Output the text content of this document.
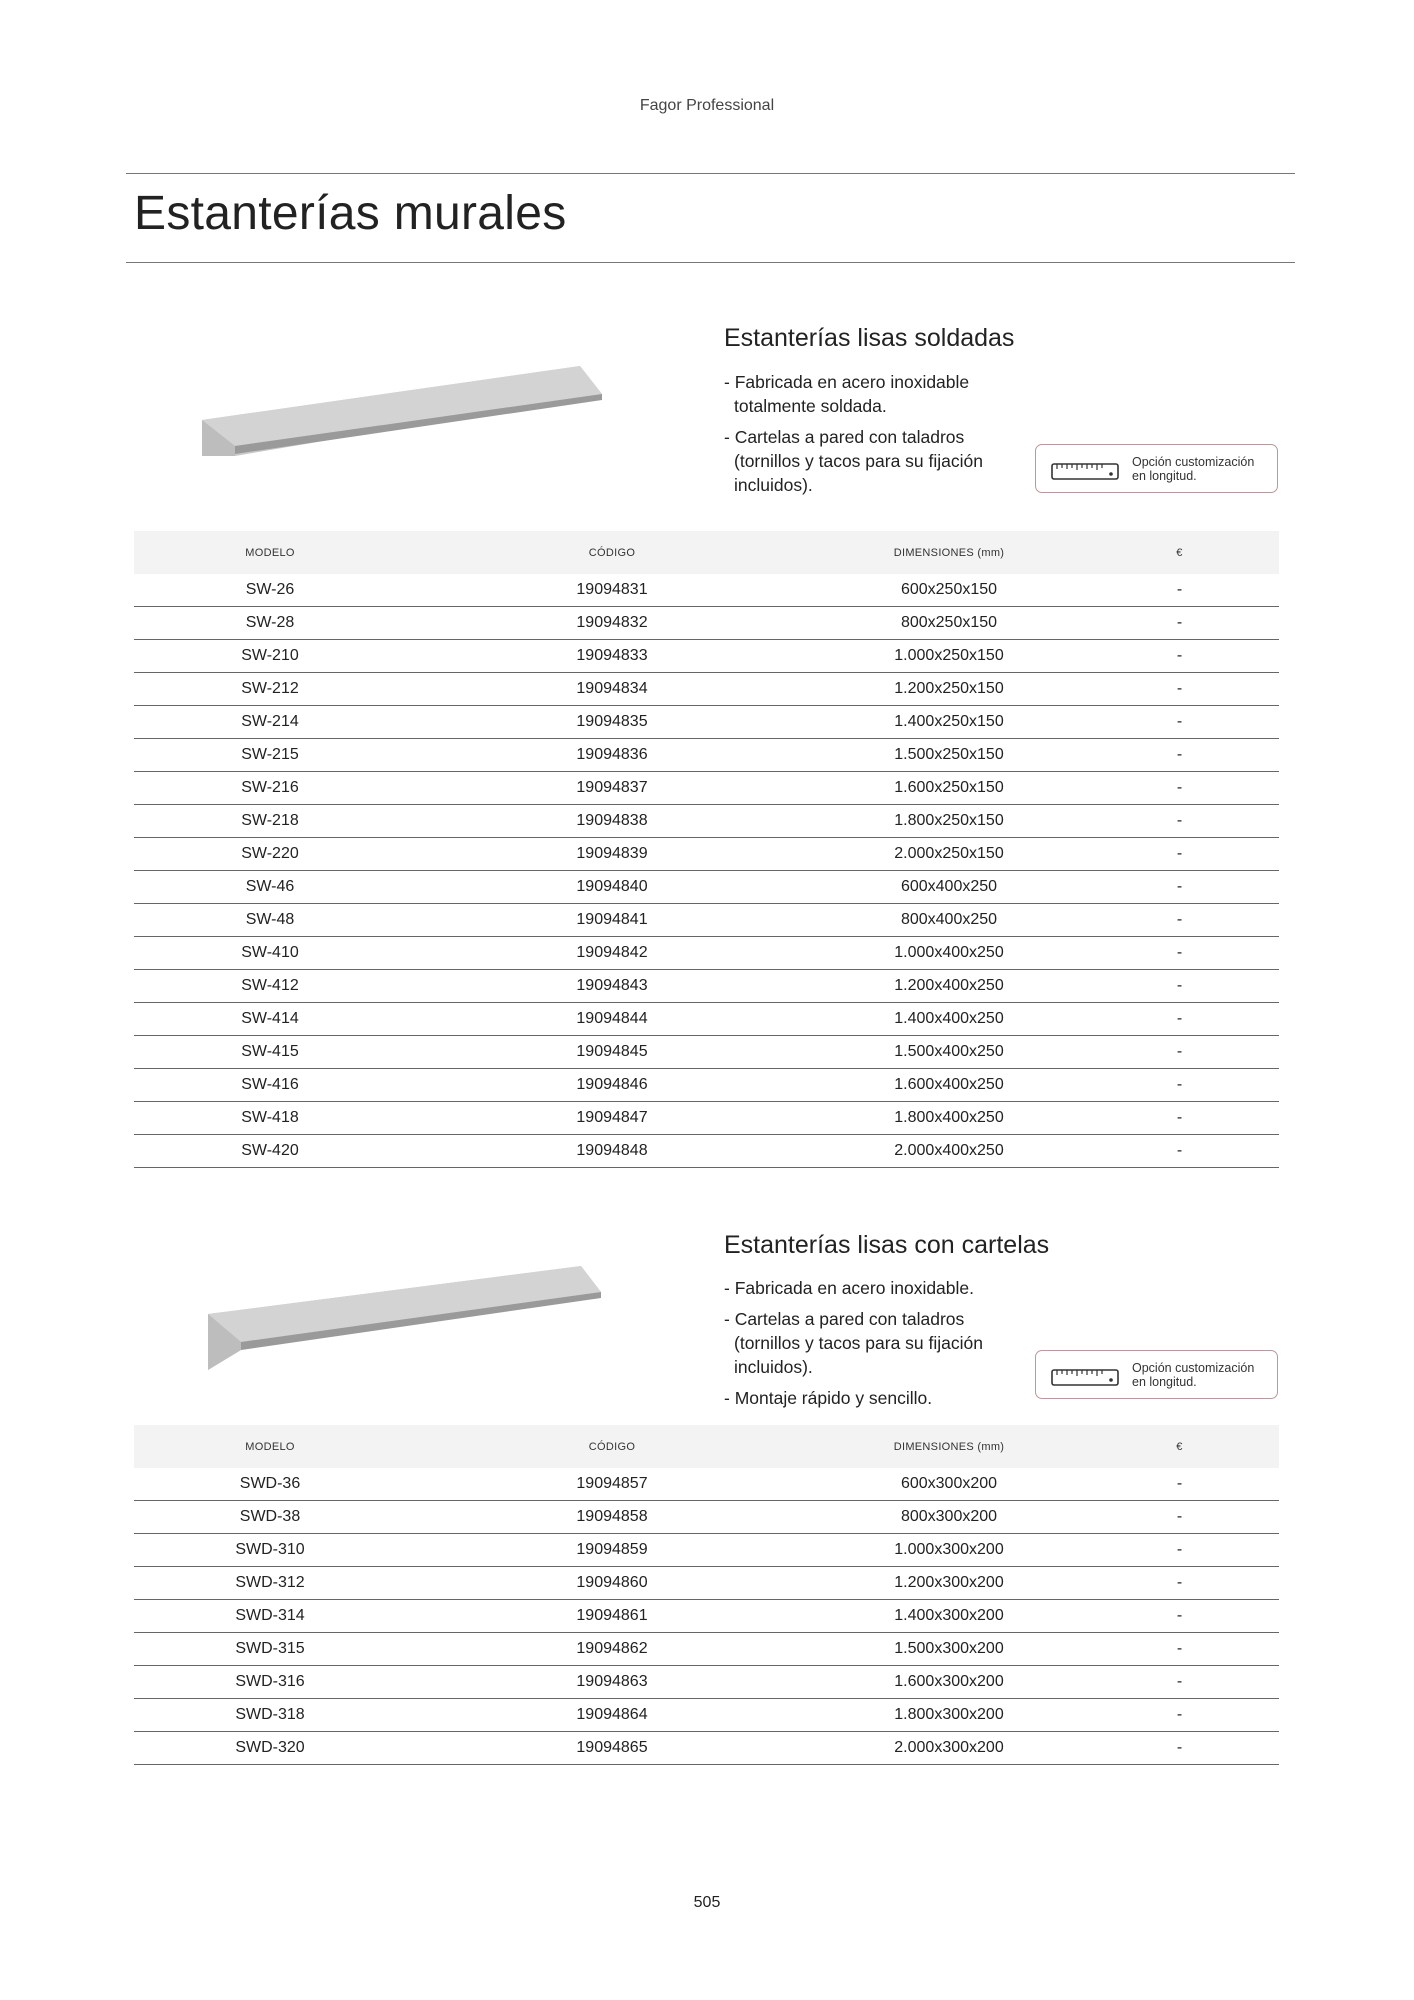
Fagor Professional
Estanterías murales
Estanterías lisas soldadas
- Fabricada en acero inoxidable totalmente soldada.
- Cartelas a pared con taladros (tornillos y tacos para su fijación incluidos).
Opción customización
en longitud.
MODELO	CÓDIGO	DIMENSIONES (mm)	€
SW-26	19094831	600x250x150	-
SW-28	19094832	800x250x150	-
SW-210	19094833	1.000x250x150	-
SW-212	19094834	1.200x250x150	-
SW-214	19094835	1.400x250x150	-
SW-215	19094836	1.500x250x150	-
SW-216	19094837	1.600x250x150	-
SW-218	19094838	1.800x250x150	-
SW-220	19094839	2.000x250x150	-
SW-46	19094840	600x400x250	-
SW-48	19094841	800x400x250	-
SW-410	19094842	1.000x400x250	-
SW-412	19094843	1.200x400x250	-
SW-414	19094844	1.400x400x250	-
SW-415	19094845	1.500x400x250	-
SW-416	19094846	1.600x400x250	-
SW-418	19094847	1.800x400x250	-
SW-420	19094848	2.000x400x250	-
Estanterías lisas con cartelas
- Fabricada en acero inoxidable.
- Cartelas a pared con taladros (tornillos y tacos para su fijación incluidos).
- Montaje rápido y sencillo.
Opción customización
en longitud.
MODELO	CÓDIGO	DIMENSIONES (mm)	€
SWD-36	19094857	600x300x200	-
SWD-38	19094858	800x300x200	-
SWD-310	19094859	1.000x300x200	-
SWD-312	19094860	1.200x300x200	-
SWD-314	19094861	1.400x300x200	-
SWD-315	19094862	1.500x300x200	-
SWD-316	19094863	1.600x300x200	-
SWD-318	19094864	1.800x300x200	-
SWD-320	19094865	2.000x300x200	-
505
